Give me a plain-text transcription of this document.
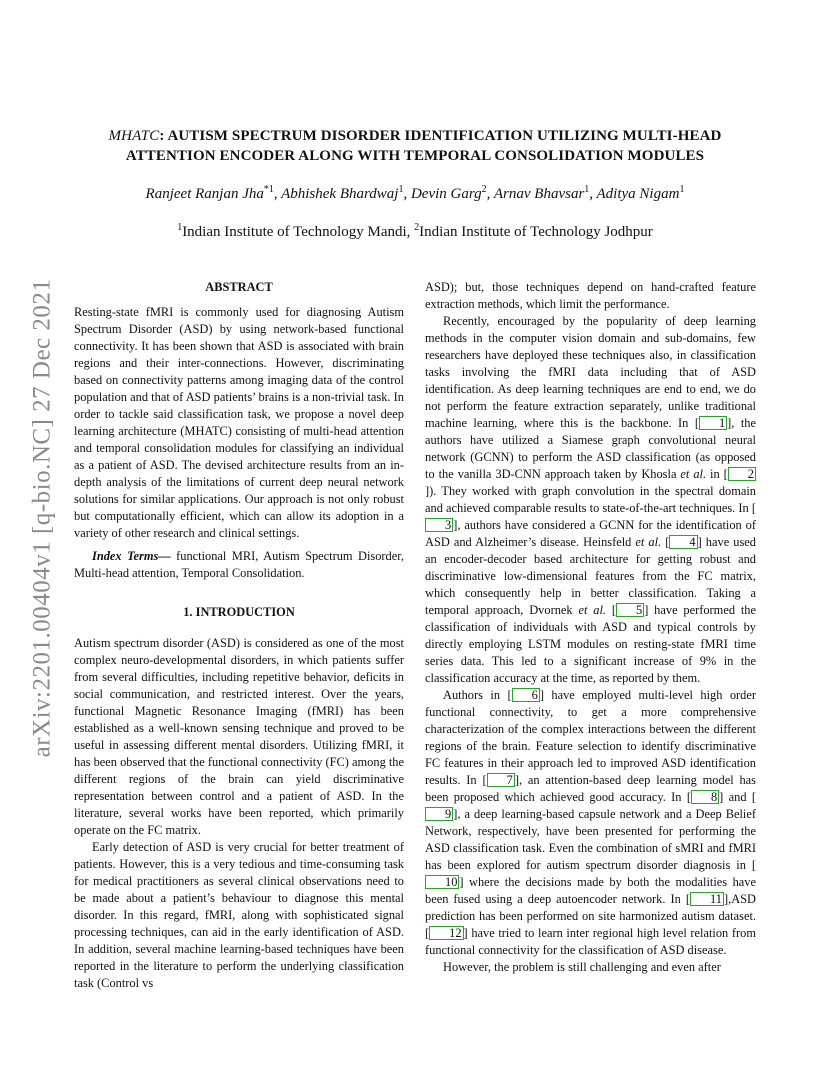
arXiv:2201.00404v1 [q-bio.NC] 27 Dec 2021
MHATC: AUTISM SPECTRUM DISORDER IDENTIFICATION UTILIZING MULTI-HEAD
ATTENTION ENCODER ALONG WITH TEMPORAL CONSOLIDATION MODULES
Ranjeet Ranjan Jha$^{*1}$, Abhishek Bhardwaj$^1$, Devin Garg$^2$, Arnav Bhavsar$^1$, Aditya Nigam$^1$
$^1$Indian Institute of Technology Mandi, $^2$Indian Institute of Technology Jodhpur
ABSTRACT

Resting-state fMRI is commonly used for diagnosing Autism Spectrum Disorder (ASD) by using network-based functional connectivity. It has been shown that ASD is associated with brain regions and their inter-connections. However, discriminating based on connectivity patterns among imaging data of the control population and that of ASD patients’ brains is a non-trivial task. In order to tackle said classification task, we propose a novel deep learning architecture (MHATC) consisting of multi-head attention and temporal consolidation modules for classifying an individual as a patient of ASD. The devised architecture results from an in-depth analysis of the limitations of current deep neural network solutions for similar applications. Our approach is not only robust but computationally efficient, which can allow its adoption in a variety of other research and clinical settings.

Index Terms— functional MRI, Autism Spectrum Disorder, Multi-head attention, Temporal Consolidation.

1. INTRODUCTION

Autism spectrum disorder (ASD) is considered as one of the most complex neuro-developmental disorders, in which patients suffer from several difficulties, including repetitive behavior, deficits in social communication, and restricted interest. Over the years, functional Magnetic Resonance Imaging (fMRI) has been established as a well-known sensing technique and proved to be useful in assessing different mental disorders. Utilizing fMRI, it has been observed that the functional connectivity (FC) among the different regions of the brain can yield discriminative representation between control and a patient of ASD. In the literature, several works have been reported, which primarily operate on the FC matrix.

Early detection of ASD is very crucial for better treatment of patients. However, this is a very tedious and time-consuming task for medical practitioners as several clinical observations need to be made about a patient’s behaviour to diagnose this mental disorder. In this regard, fMRI, along with sophisticated signal processing techniques, can aid in the early identification of ASD. In addition, several machine learning-based techniques have been reported in the literature to perform the underlying classification task (Control vs

ASD); but, those techniques depend on hand-crafted feature extraction methods, which limit the performance.

Recently, encouraged by the popularity of deep learning methods in the computer vision domain and sub-domains, few researchers have deployed these techniques also, in classification tasks involving the fMRI data including that of ASD identification. As deep learning techniques are end to end, we do not perform the feature extraction separately, unlike traditional machine learning, where this is the backbone. In [ 1 ], the authors have utilized a Siamese graph convolutional neural network (GCNN) to perform the ASD classification (as opposed to the vanilla 3D-CNN approach taken by Khosla et al. in [ 2]). They worked with graph convolution in the spectral domain and achieved comparable results to state-of-the-art techniques. In [3 ], authors have considered a GCNN for the identification of ASD and Alzheimer’s disease. Heinsfeld et al. [ 4 ] have used an encoder-decoder based architecture for getting robust and discriminative low-dimensional features from the FC matrix, which consequently help in better classification. Taking a temporal approach, Dvornek et al. [ 5 ] have performed the classification of individuals with ASD and typical controls by directly employing LSTM modules on resting-state fMRI time series data. This led to a significant increase of 9% in the classification accuracy at the time, as reported by them.

Authors in [ 6 ] have employed multi-level high order functional connectivity, to get a more comprehensive characterization of the complex interactions between the different regions of the brain. Feature selection to identify discriminative FC features in their approach led to improved ASD identification results. In [ 7 ], an attention-based deep learning model has been proposed which achieved good accuracy. In [ 8 ] and [9 ], a deep learning-based capsule network and a Deep Belief Network, respectively, have been presented for performing the ASD classification task. Even the combination of sMRI and fMRI has been explored for autism spectrum disorder diagnosis in [10 ] where the decisions made by both the modalities have been fused using a deep autoencoder network. In [ 11 ],ASD prediction has been performed on site harmonized autism dataset. [ 12 ] have tried to learn inter regional high level relation from functional connectivity for the classification of ASD disease.

However, the problem is still challenging and even after
